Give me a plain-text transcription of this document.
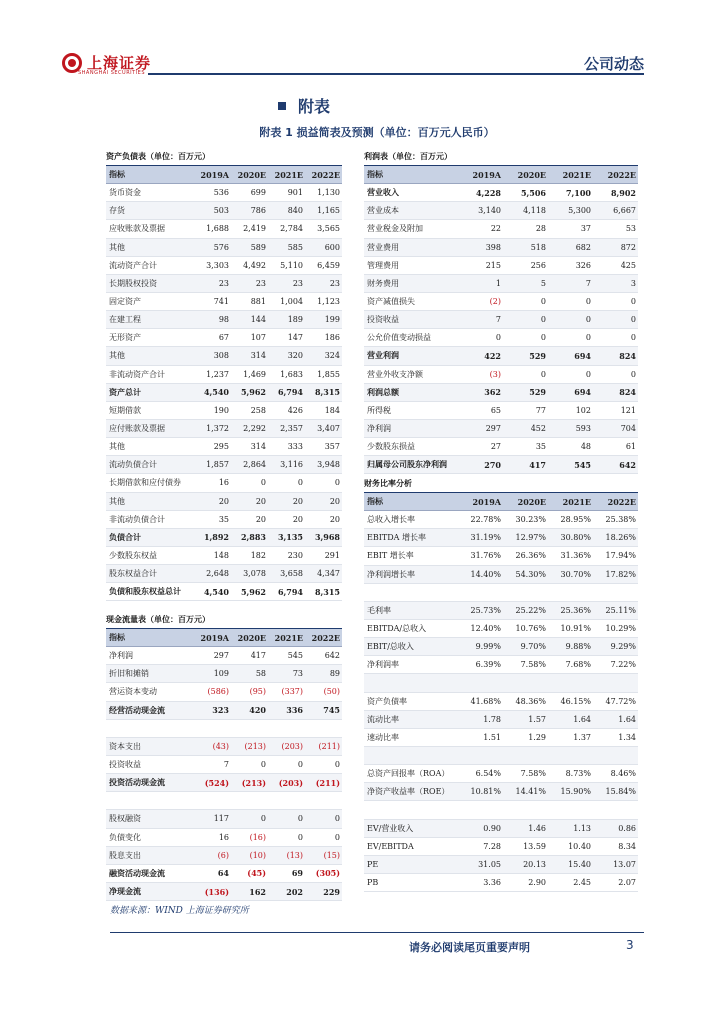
上海证券
SHANGHAI SECURITIES	公司动态
附表
附表 1 损益简表及预测（单位：百万元人民币）
资产负债表（单位：百万元）
指标	2019A	2020E	2021E	2022E
货币资金	536	699	901	1,130
存货	503	786	840	1,165
应收账款及票据	1,688	2,419	2,784	3,565
其他	576	589	585	600
流动资产合计	3,303	4,492	5,110	6,459
长期股权投资	23	23	23	23
固定资产	741	881	1,004	1,123
在建工程	98	144	189	199
无形资产	67	107	147	186
其他	308	314	320	324
非流动资产合计	1,237	1,469	1,683	1,855
资产总计	4,540	5,962	6,794	8,315
短期借款	190	258	426	184
应付账款及票据	1,372	2,292	2,357	3,407
其他	295	314	333	357
流动负债合计	1,857	2,864	3,116	3,948
长期借款和应付债券	16	0	0	0
其他	20	20	20	20
非流动负债合计	35	20	20	20
负债合计	1,892	2,883	3,135	3,968
少数股东权益	148	182	230	291
股东权益合计	2,648	3,078	3,658	4,347
负债和股东权益总计	4,540	5,962	6,794	8,315
现金流量表（单位：百万元）
指标	2019A	2020E	2021E	2022E
净利润	297	417	545	642
折旧和摊销	109	58	73	89
营运资本变动	(586)	(95)	(337)	(50)
经营活动现金流	323	420	336	745
资本支出	(43)	(213)	(203)	(211)
投资收益	7	0	0	0
投资活动现金流	(524)	(213)	(203)	(211)
股权融资	117	0	0	0
负债变化	16	(16)	0	0
股息支出	(6)	(10)	(13)	(15)
融资活动现金流	64	(45)	69	(305)
净现金流	(136)	162	202	229
利润表（单位：百万元）
指标	2019A	2020E	2021E	2022E
营业收入	4,228	5,506	7,100	8,902
营业成本	3,140	4,118	5,300	6,667
营业税金及附加	22	28	37	53
营业费用	398	518	682	872
管理费用	215	256	326	425
财务费用	1	5	7	3
资产减值损失	(2)	0	0	0
投资收益	7	0	0	0
公允价值变动损益	0	0	0	0
营业利润	422	529	694	824
营业外收支净额	(3)	0	0	0
利润总额	362	529	694	824
所得税	65	77	102	121
净利润	297	452	593	704
少数股东损益	27	35	48	61
归属母公司股东净利润	270	417	545	642
财务比率分析
指标	2019A	2020E	2021E	2022E
总收入增长率	22.78%	30.23%	28.95%	25.38%
EBITDA 增长率	31.19%	12.97%	30.80%	18.26%
EBIT 增长率	31.76%	26.36%	31.36%	17.94%
净利润增长率	14.40%	54.30%	30.70%	17.82%
毛利率	25.73%	25.22%	25.36%	25.11%
EBITDA/总收入	12.40%	10.76%	10.91%	10.29%
EBIT/总收入	9.99%	9.70%	9.88%	9.29%
净利润率	6.39%	7.58%	7.68%	7.22%
资产负债率	41.68%	48.36%	46.15%	47.72%
流动比率	1.78	1.57	1.64	1.64
速动比率	1.51	1.29	1.37	1.34
总资产回报率（ROA）	6.54%	7.58%	8.73%	8.46%
净资产收益率（ROE）	10.81%	14.41%	15.90%	15.84%
EV/营业收入	0.90	1.46	1.13	0.86
EV/EBITDA	7.28	13.59	10.40	8.34
PE	31.05	20.13	15.40	13.07
PB	3.36	2.90	2.45	2.07
数据来源：WIND 上海证券研究所
请务必阅读尾页重要声明	3
